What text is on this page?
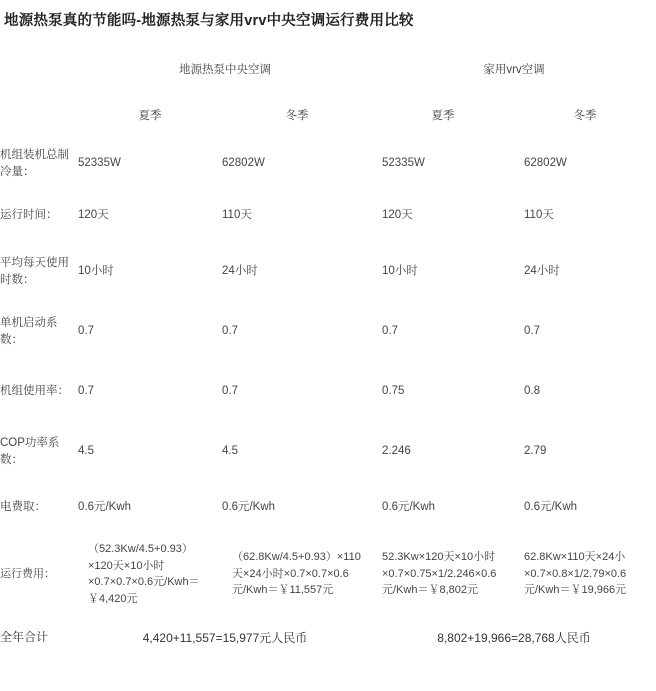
地源热泵真的节能吗-地源热泵与家用vrv中央空调运行费用比较
	地源热泵中央空调		家用vrv空调	
	夏季	冬季	夏季	冬季
机组装机总制冷量：	52335W	62802W	52335W	62802W
运行时间：	120天	110天	120天	110天
平均每天使用时数：	10小时	24小时	10小时	24小时
单机启动系数：	0.7	0.7	0.7	0.7
机组使用率：	0.7	0.7	0.75	0.8
COP功率系数：	4.5	4.5	2.246	2.79
电费取：	0.6元/Kwh	0.6元/Kwh	0.6元/Kwh	0.6元/Kwh
运行费用：	（52.3Kw/4.5+0.93）×120天×10小时×0.7×0.7×0.6元/Kwh＝￥4,420元	（62.8Kw/4.5+0.93）×110天×24小时×0.7×0.7×0.6元/Kwh＝￥11,557元	52.3Kw×120天×10小时×0.7×0.75×1/2.246×0.6元/Kwh＝￥8,802元	62.8Kw×110天×24小×0.7×0.8×1/2.79×0.6元/Kwh＝￥19,966元
全年合计	4,420+11,557=15,977元人民币		8,802+19,966=28,768人民币	
